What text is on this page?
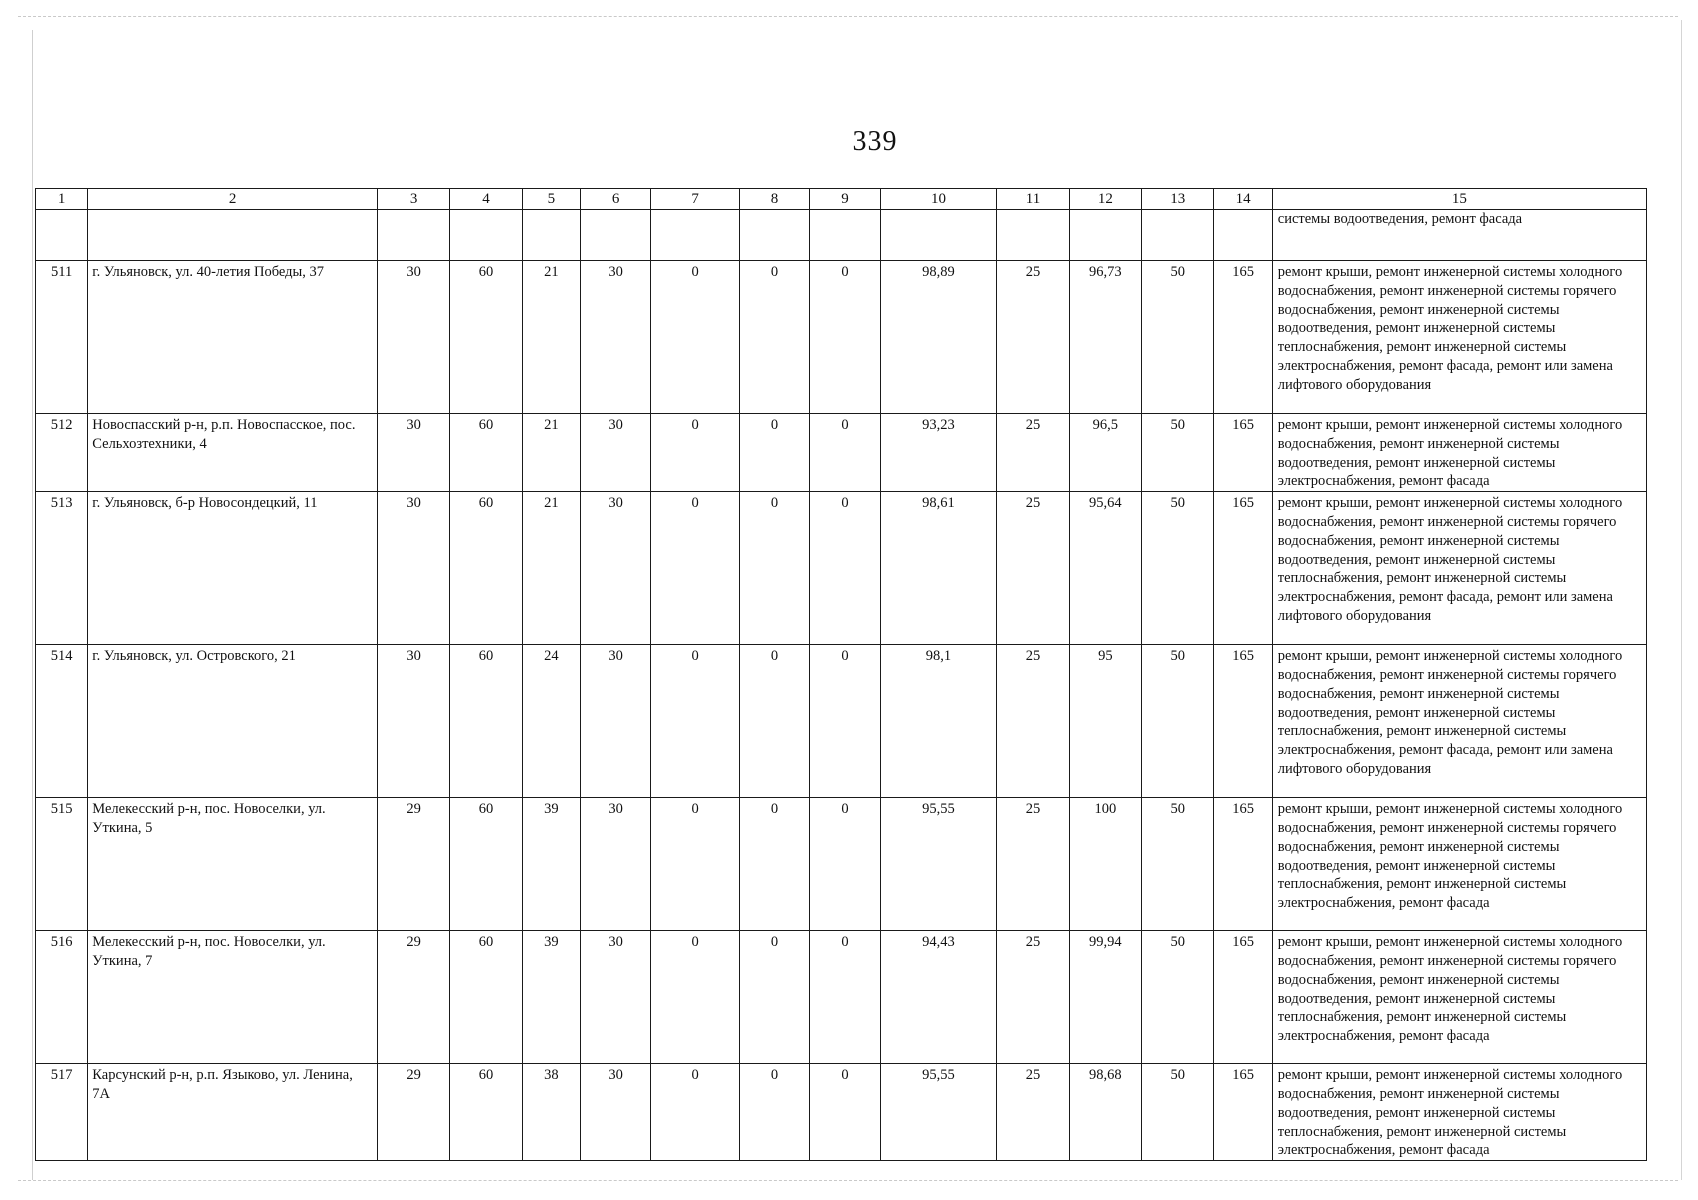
339
1	2	3	4	5	6	7	8	9	10	11	12	13	14	15
														системы водоотведения, ремонт фасада
511	г. Ульяновск, ул. 40-летия Победы, 37	30	60	21	30	0	0	0	98,89	25	96,73	50	165	ремонт крыши, ремонт инженерной системы холодного водоснабжения, ремонт инженерной системы горячего водоснабжения, ремонт инженерной системы водоотведения, ремонт инженерной системы теплоснабжения, ремонт инженерной системы электроснабжения, ремонт фасада, ремонт или замена лифтового оборудования
512	Новоспасский р-н, р.п. Новоспасское, пос. Сельхозтехники, 4	30	60	21	30	0	0	0	93,23	25	96,5	50	165	ремонт крыши, ремонт инженерной системы холодного водоснабжения, ремонт инженерной системы водоотведения, ремонт инженерной системы электроснабжения, ремонт фасада
513	г. Ульяновск, б-р Новосондецкий, 11	30	60	21	30	0	0	0	98,61	25	95,64	50	165	ремонт крыши, ремонт инженерной системы холодного водоснабжения, ремонт инженерной системы горячего водоснабжения, ремонт инженерной системы водоотведения, ремонт инженерной системы теплоснабжения, ремонт инженерной системы электроснабжения, ремонт фасада, ремонт или замена лифтового оборудования
514	г. Ульяновск, ул. Островского, 21	30	60	24	30	0	0	0	98,1	25	95	50	165	ремонт крыши, ремонт инженерной системы холодного водоснабжения, ремонт инженерной системы горячего водоснабжения, ремонт инженерной системы водоотведения, ремонт инженерной системы теплоснабжения, ремонт инженерной системы электроснабжения, ремонт фасада, ремонт или замена лифтового оборудования
515	Мелекесский р-н, пос. Новоселки, ул. Уткина, 5	29	60	39	30	0	0	0	95,55	25	100	50	165	ремонт крыши, ремонт инженерной системы холодного водоснабжения, ремонт инженерной системы горячего водоснабжения, ремонт инженерной системы водоотведения, ремонт инженерной системы теплоснабжения, ремонт инженерной системы электроснабжения, ремонт фасада
516	Мелекесский р-н, пос. Новоселки, ул. Уткина, 7	29	60	39	30	0	0	0	94,43	25	99,94	50	165	ремонт крыши, ремонт инженерной системы холодного водоснабжения, ремонт инженерной системы горячего водоснабжения, ремонт инженерной системы водоотведения, ремонт инженерной системы теплоснабжения, ремонт инженерной системы электроснабжения, ремонт фасада
517	Карсунский р-н, р.п. Языково, ул. Ленина, 7А	29	60	38	30	0	0	0	95,55	25	98,68	50	165	ремонт крыши, ремонт инженерной системы холодного водоснабжения, ремонт инженерной системы водоотведения, ремонт инженерной системы теплоснабжения, ремонт инженерной системы электроснабжения, ремонт фасада
